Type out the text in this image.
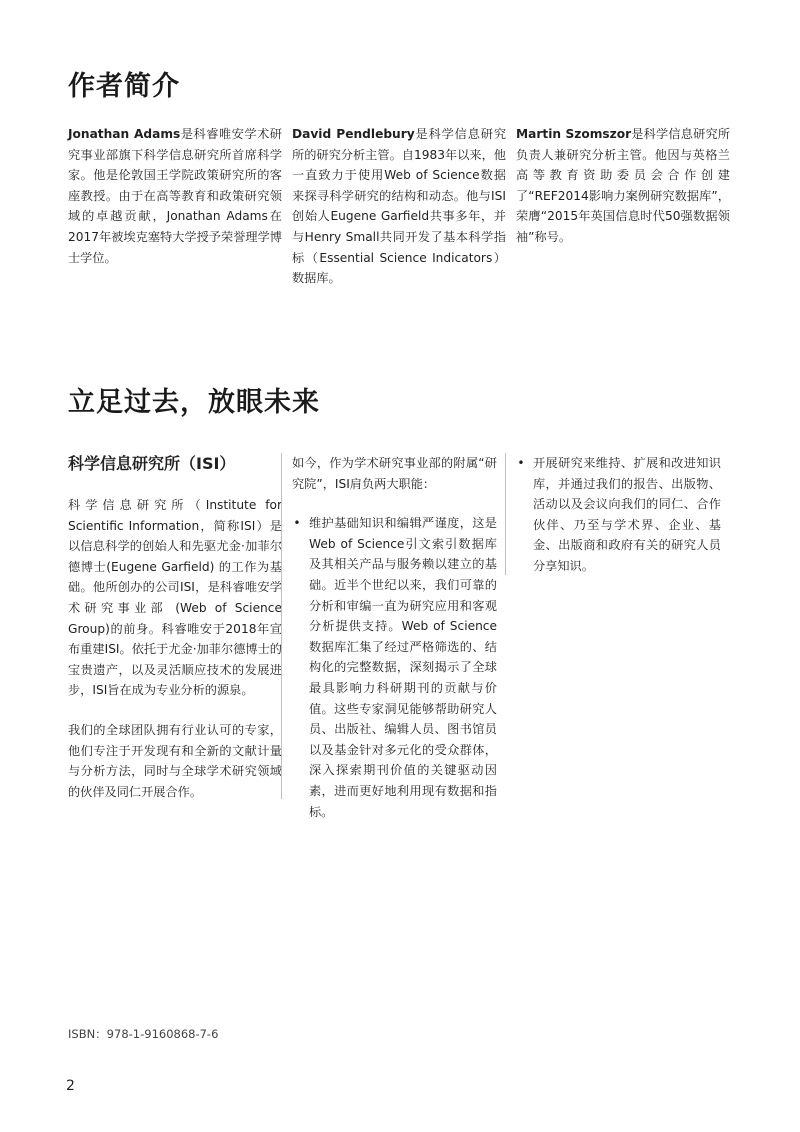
作者简介

Jonathan Adams是科睿唯安学术研究事业部旗下科学信息研究所首席科学家。他是伦敦国王学院政策研究所的客座教授。由于在高等教育和政策研究领域的卓越贡献，Jonathan Adams在2017年被埃克塞特大学授予荣誉理学博士学位。

David Pendlebury是科学信息研究所的研究分析主管。自1983年以来，他一直致力于使用Web of Science数据来探寻科学研究的结构和动态。他与ISI创始人Eugene Garfield共事多年，并与Henry Small共同开发了基本科学指标（Essential Science Indicators）数据库。

Martin Szomszor是科学信息研究所负责人兼研究分析主管。他因与英格兰高等教育资助委员会合作创建了“REF2014影响力案例研究数据库”，荣膺“2015年英国信息时代50强数据领袖”称号。

立足过去，放眼未来
科学信息研究所（ISI）

科学信息研究所（Institute for Scientific Information，简称ISI）是以信息科学的创始人和先驱尤金·加菲尔德博士(Eugene Garfield) 的工作为基础。他所创办的公司ISI，是科睿唯安学术研究事业部 (Web of Science Group)的前身。科睿唯安于2018年宣布重建ISI。依托于尤金·加菲尔德博士的宝贵遗产，以及灵活顺应技术的发展进步，ISI旨在成为专业分析的源泉。

我们的全球团队拥有行业认可的专家，他们专注于开发现有和全新的文献计量与分析方法，同时与全球学术研究领域的伙伴及同仁开展合作。

如今，作为学术研究事业部的附属“研究院”，ISI肩负两大职能：

• 维护基础知识和编辑严谨度，这是Web of Science引文索引数据库及其相关产品与服务赖以建立的基础。近半个世纪以来，我们可靠的分析和审编一直为研究应用和客观分析提供支持。Web of Science数据库汇集了经过严格筛选的、结构化的完整数据，深刻揭示了全球最具影响力科研期刊的贡献与价值。这些专家洞见能够帮助研究人员、出版社、编辑人员、图书馆员以及基金针对多元化的受众群体，深入探索期刊价值的关键驱动因素，进而更好地利用现有数据和指标。
• 开展研究来维持、扩展和改进知识库，并通过我们的报告、出版物、活动以及会议向我们的同仁、合作伙伴、乃至与学术界、企业、基金、出版商和政府有关的研究人员分享知识。
ISBN：978-1-9160868-7-6
2
